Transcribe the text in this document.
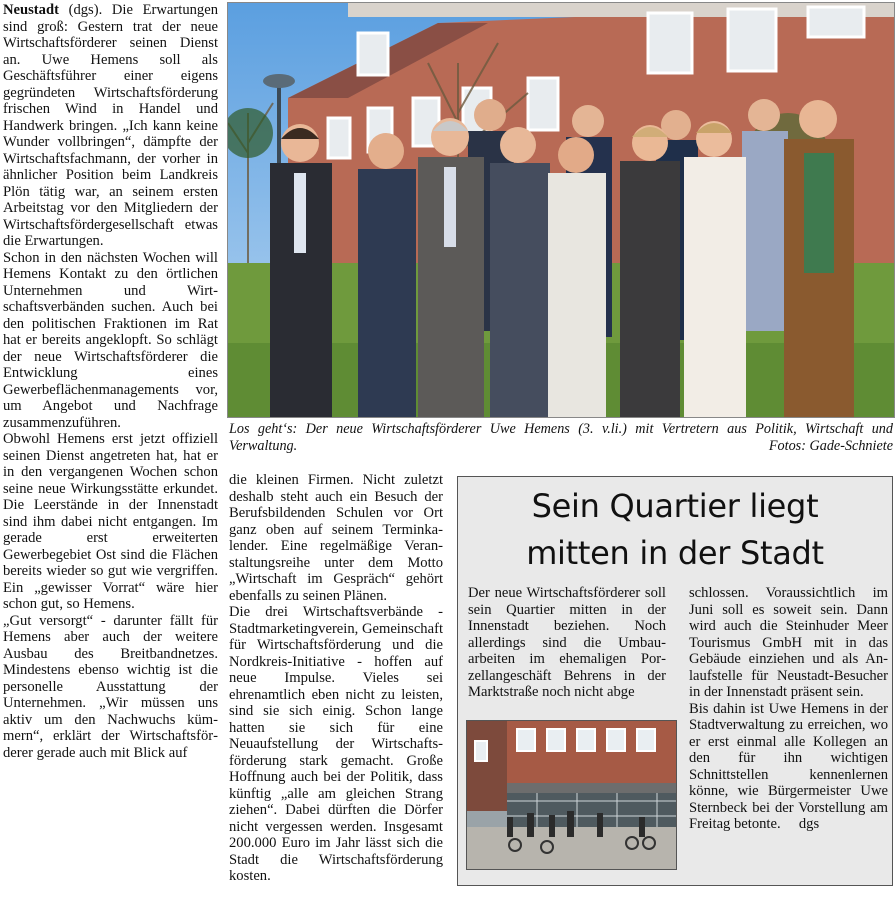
Neustadt (dgs). Die Erwartungen sind groß: Gestern trat der neue Wirtschaftsförderer seinen Dienst an. Uwe Hemens soll als Geschäftsführer einer eigens gegründeten Wirtschaftsförderung frischen Wind in Handel und Handwerk bringen. „Ich kann keine Wunder vollbringen“, dämpfte der Wirtschaftsfachmann, der vorher in ähnlicher Position beim Landkreis Plön tätig war, an seinem ersten Arbeitstag vor den Mitgliedern der Wirtschaftsfördergesellschaft etwas die Erwartungen.

Schon in den nächsten Wochen will Hemens Kontakt zu den örtlichen Unternehmen und Wirtschaftsverbänden suchen. Auch bei den politischen Fraktionen im Rat hat er bereits angeklopft. So schlägt der neue Wirtschaftsförderer die Entwicklung eines Gewerbeflächenmanagements vor, um Angebot und Nachfrage zusammenzuführen.

Obwohl Hemens erst jetzt offiziell seinen Dienst angetreten hat, hat er in den vergangenen Wochen schon seine neue Wirkungsstätte erkundet. Die Leerstände in der Innenstadt sind ihm dabei nicht entgangen. Im gerade erst erweiterten Gewerbegebiet Ost sind die Flächen bereits wieder so gut wie vergriffen. Ein „gewisser Vorrat“ wäre hier schon gut, so Hemens.

„Gut versorgt“ - darunter fällt für Hemens aber auch der weitere Ausbau des Breitbandnetzes. Mindestens ebenso wichtig ist die personelle Ausstattung der Unternehmen. „Wir müssen uns aktiv um den Nachwuchs kümmern“, erklärt der Wirtschaftsförderer gerade auch mit Blick auf

Los geht‘s: Der neue Wirtschaftsförderer Uwe Hemens (3. v.li.) mit Vertretern aus Politik, Wirtschaft und Verwaltung.	Fotos: Gade-Schniete

die kleinen Firmen. Nicht zuletzt deshalb steht auch ein Besuch der Berufsbildenden Schulen vor Ort ganz oben auf seinem Terminkalender. Eine regelmäßige Veranstaltungsreihe unter dem Motto „Wirtschaft im Gespräch“ gehört ebenfalls zu seinen Plänen.

Die drei Wirtschaftsverbände - Stadtmarketingverein, Gemeinschaft für Wirtschaftsförderung und die Nordkreis-Initiative - hoffen auf neue Impulse. Vieles sei ehrenamtlich eben nicht zu leisten, sind sie sich einig. Schon lange hatten sie sich für eine Neuaufstellung der Wirtschaftsförderung stark gemacht. Große Hoffnung auch bei der Politik, dass künftig „alle am gleichen Strang ziehen“. Dabei dürften die Dörfer nicht vergessen werden. Insgesamt 200.000 Euro im Jahr lässt sich die Stadt die Wirtschaftsförderung kosten.

Sein Quartier liegt
mitten in der Stadt

Der neue Wirtschaftsförderer soll sein Quartier mitten in der Innenstadt beziehen. Noch allerdings sind die Umbauarbeiten im ehemaligen Porzellangeschäft Behrens in der Marktstraße noch nicht abge

schlossen. Voraussichtlich im Juni soll es soweit sein. Dann wird auch die Steinhuder Meer Tourismus GmbH mit in das Gebäude einziehen und als Anlaufstelle für Neustadt-Besucher in der Innenstadt präsent sein.

Bis dahin ist Uwe Hemens in der Stadtverwaltung zu erreichen, wo er erst einmal alle Kollegen an den für ihn wichtigen Schnittstellen kennenlernen könne, wie Bürgermeister Uwe Sternbeck bei der Vorstellung am Freitag betonte. dgs
